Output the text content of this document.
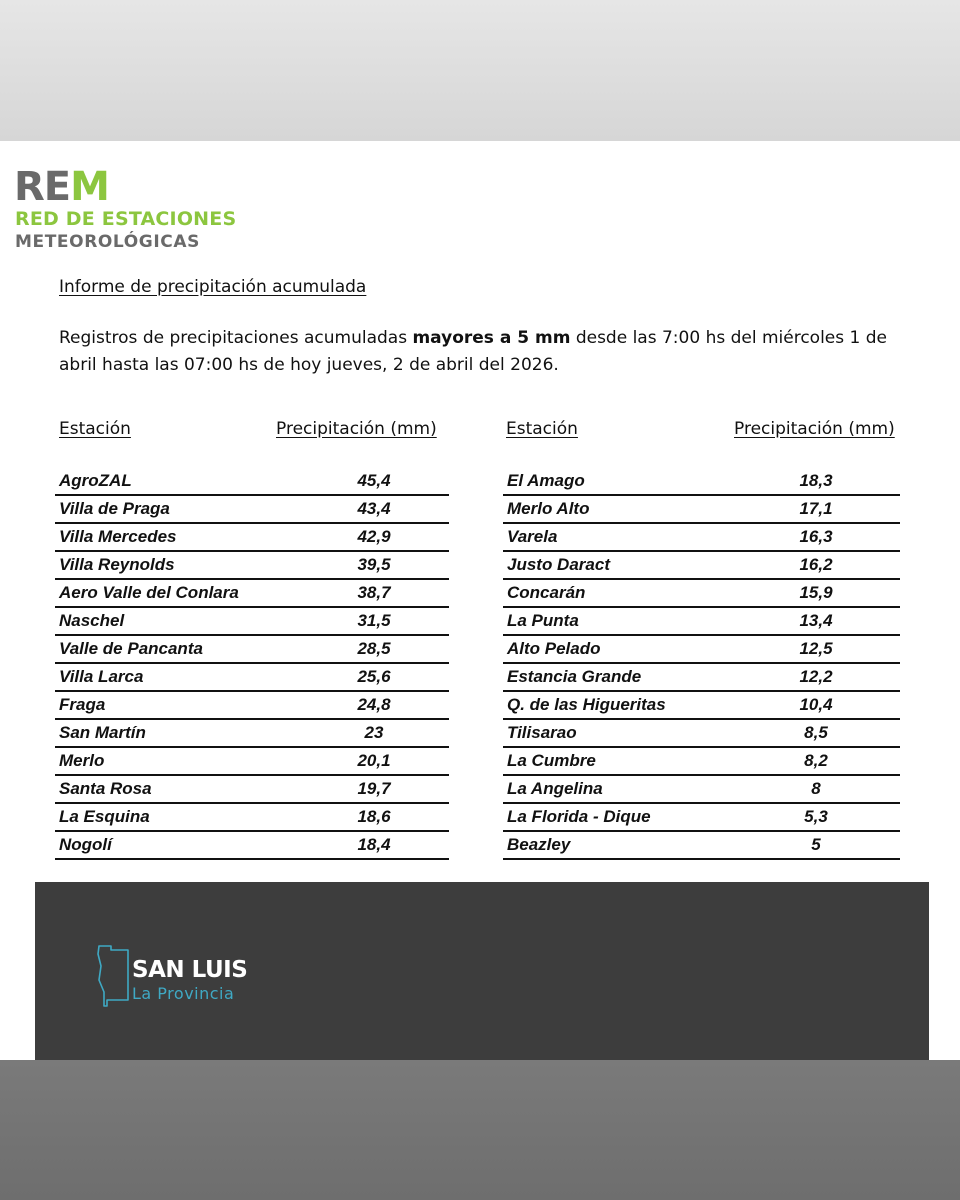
REM
RED DE ESTACIONES
METEOROLÓGICAS
Informe de precipitación acumulada
Registros de precipitaciones acumuladas mayores a 5 mm desde las 7:00 hs del miércoles 1 de abril hasta las 07:00 hs de hoy jueves, 2 de abril del 2026.
Estación	Precipitación (mm)	Estación	Precipitación (mm)
AgroZAL	45,4
Villa de Praga	43,4
Villa Mercedes	42,9
Villa Reynolds	39,5
Aero Valle del Conlara	38,7
Naschel	31,5
Valle de Pancanta	28,5
Villa Larca	25,6
Fraga	24,8
San Martín	23
Merlo	20,1
Santa Rosa	19,7
La Esquina	18,6
Nogolí	18,4
El Amago	18,3
Merlo Alto	17,1
Varela	16,3
Justo Daract	16,2
Concarán	15,9
La Punta	13,4
Alto Pelado	12,5
Estancia Grande	12,2
Q. de las Higueritas	10,4
Tilisarao	8,5
La Cumbre	8,2
La Angelina	8
La Florida - Dique	5,3
Beazley	5
SAN LUIS
La Provincia
